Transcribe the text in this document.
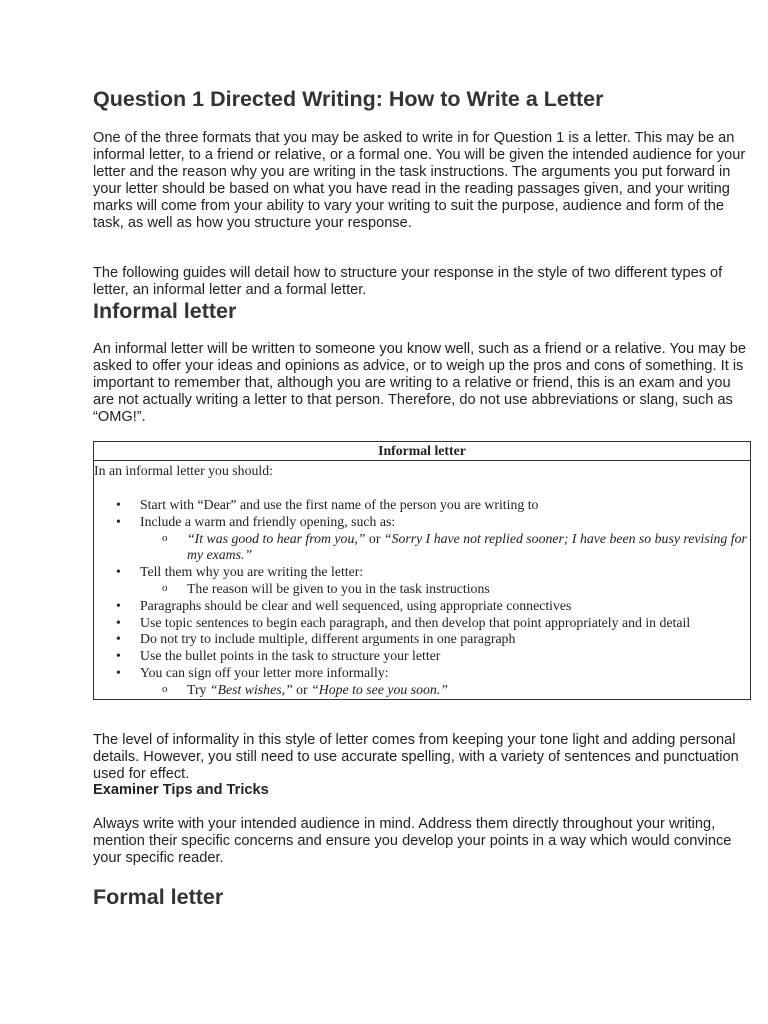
Question 1 Directed Writing: How to Write a Letter

One of the three formats that you may be asked to write in for Question 1 is a letter. This may be an informal letter, to a friend or relative, or a formal one. You will be given the intended audience for your letter and the reason why you are writing in the task instructions. The arguments you put forward in your letter should be based on what you have read in the reading passages given, and your writing marks will come from your ability to vary your writing to suit the purpose, audience and form of the task, as well as how you structure your response.

The following guides will detail how to structure your response in the style of two different types of letter, an informal letter and a formal letter.

Informal letter

An informal letter will be written to someone you know well, such as a friend or a relative. You may be asked to offer your ideas and opinions as advice, or to weigh up the pros and cons of something. It is important to remember that, although you are writing to a relative or friend, this is an exam and you are not actually writing a letter to that person. Therefore, do not use abbreviations or slang, such as “OMG!”.

Informal letter

In an informal letter you should:
• Start with “Dear” and use the first name of the person you are writing to
• Include a warm and friendly opening, such as:
o “It was good to hear from you,” or “Sorry I have not replied sooner; I have been so busy revising for my exams.”
• Tell them why you are writing the letter:
o The reason will be given to you in the task instructions
• Paragraphs should be clear and well sequenced, using appropriate connectives
• Use topic sentences to begin each paragraph, and then develop that point appropriately and in detail
• Do not try to include multiple, different arguments in one paragraph
• Use the bullet points in the task to structure your letter
• You can sign off your letter more informally:
o Try “Best wishes,” or “Hope to see you soon.”

The level of informality in this style of letter comes from keeping your tone light and adding personal details. However, you still need to use accurate spelling, with a variety of sentences and punctuation used for effect.

Examiner Tips and Tricks

Always write with your intended audience in mind. Address them directly throughout your writing, mention their specific concerns and ensure you develop your points in a way which would convince your specific reader.

Formal letter
